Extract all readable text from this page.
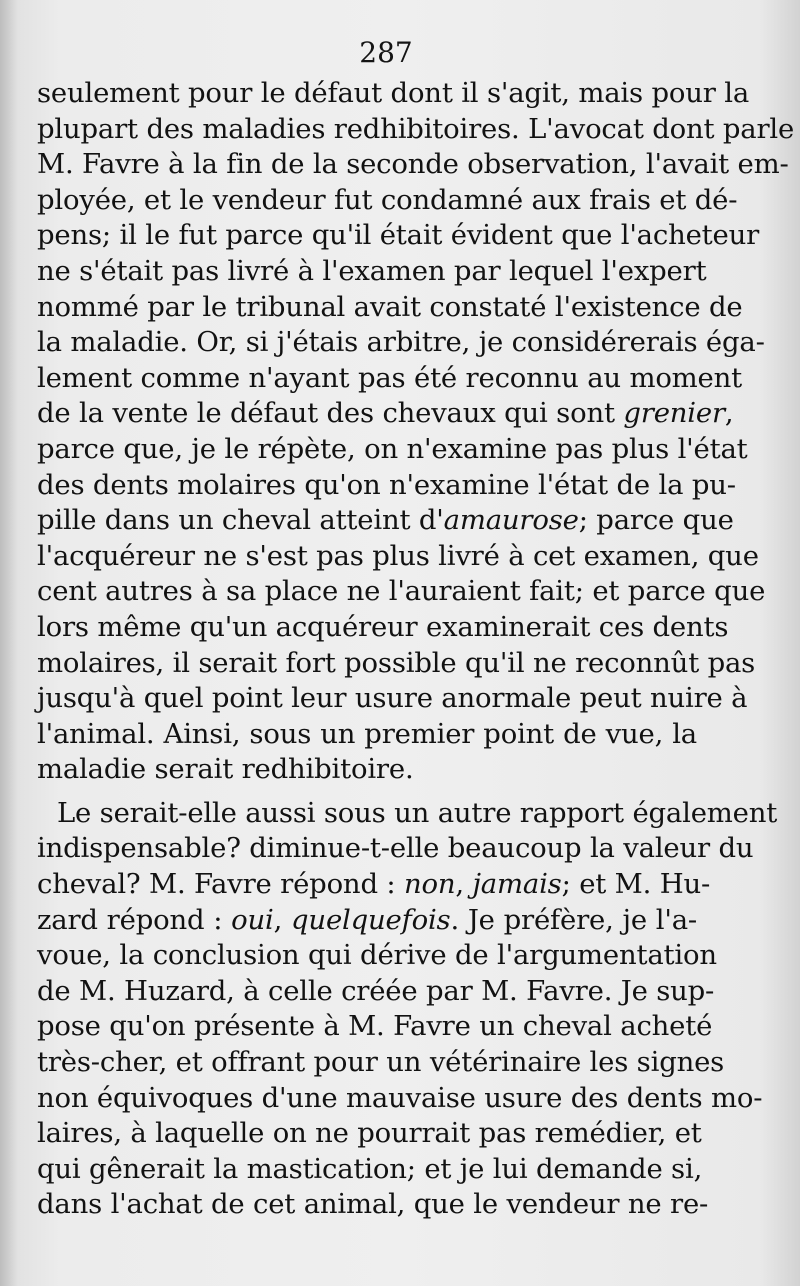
287
seulement pour le défaut dont il s'agit, mais pour la
plupart des maladies redhibitoires. L'avocat dont parle
M. Favre à la fin de la seconde observation, l'avait em-
ployée, et le vendeur fut condamné aux frais et dé-
pens; il le fut parce qu'il était évident que l'acheteur
ne s'était pas livré à l'examen par lequel l'expert
nommé par le tribunal avait constaté l'existence de
la maladie. Or, si j'étais arbitre, je considérerais éga-
lement comme n'ayant pas été reconnu au moment
de la vente le défaut des chevaux qui sont grenier,
parce que, je le répète, on n'examine pas plus l'état
des dents molaires qu'on n'examine l'état de la pu-
pille dans un cheval atteint d'amaurose; parce que
l'acquéreur ne s'est pas plus livré à cet examen, que
cent autres à sa place ne l'auraient fait; et parce que
lors même qu'un acquéreur examinerait ces dents
molaires, il serait fort possible qu'il ne reconnût pas
jusqu'à quel point leur usure anormale peut nuire à
l'animal. Ainsi, sous un premier point de vue, la
maladie serait redhibitoire.
Le serait-elle aussi sous un autre rapport également
indispensable? diminue-t-elle beaucoup la valeur du
cheval? M. Favre répond : non, jamais; et M. Hu-
zard répond : oui, quelquefois. Je préfère, je l'a-
voue, la conclusion qui dérive de l'argumentation
de M. Huzard, à celle créée par M. Favre. Je sup-
pose qu'on présente à M. Favre un cheval acheté
très-cher, et offrant pour un vétérinaire les signes
non équivoques d'une mauvaise usure des dents mo-
laires, à laquelle on ne pourrait pas remédier, et
qui gênerait la mastication; et je lui demande si,
dans l'achat de cet animal, que le vendeur ne re-
